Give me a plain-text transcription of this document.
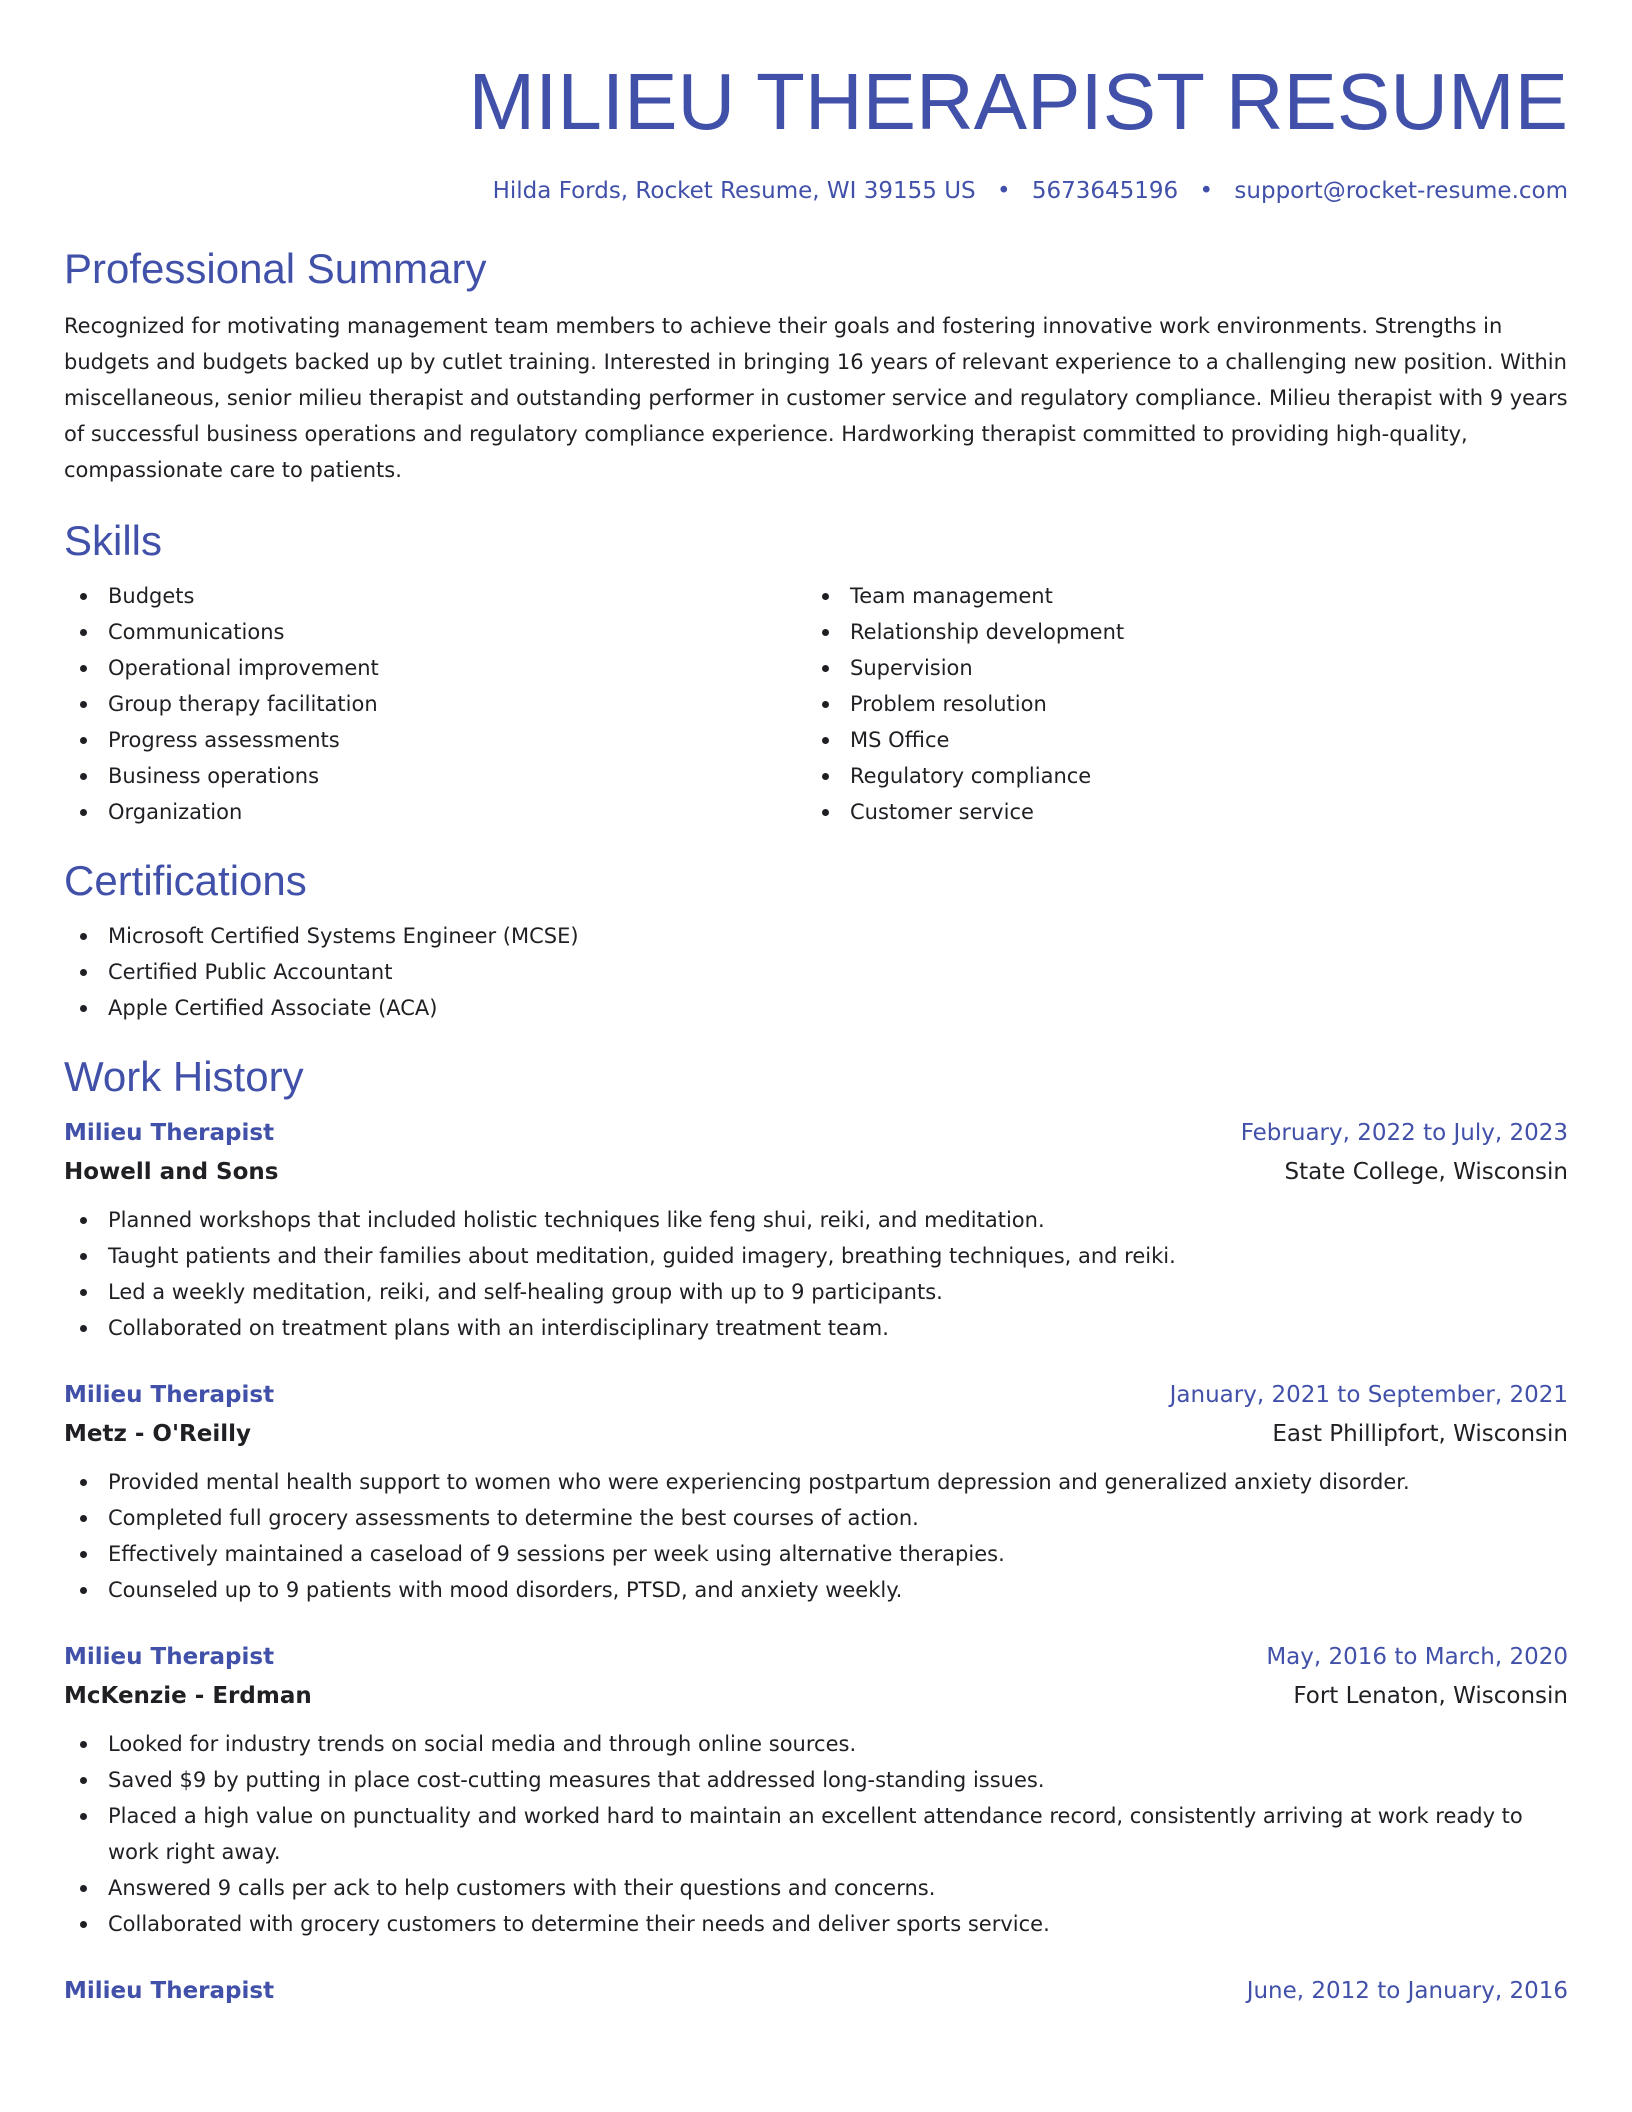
MILIEU THERAPIST RESUME
Hilda Fords, Rocket Resume, WI 39155 US • 5673645196 • support@rocket-resume.com
Professional Summary

Recognized for motivating management team members to achieve their goals and fostering innovative work environments. Strengths in budgets and budgets backed up by cutlet training. Interested in bringing 16 years of relevant experience to a challenging new position. Within miscellaneous, senior milieu therapist and outstanding performer in customer service and regulatory compliance. Milieu therapist with 9 years of successful business operations and regulatory compliance experience. Hardworking therapist committed to providing high-quality, compassionate care to patients.

Skills
Budgets
Communications
Operational improvement
Group therapy facilitation
Progress assessments
Business operations
Organization
Team management
Relationship development
Supervision
Problem resolution
MS Office
Regulatory compliance
Customer service
Certifications
Microsoft Certified Systems Engineer (MCSE)
Certified Public Accountant
Apple Certified Associate (ACA)
Work History
Milieu Therapist	February, 2022 to July, 2023
Howell and Sons	State College, Wisconsin
Planned workshops that included holistic techniques like feng shui, reiki, and meditation.
Taught patients and their families about meditation, guided imagery, breathing techniques, and reiki.
Led a weekly meditation, reiki, and self-healing group with up to 9 participants.
Collaborated on treatment plans with an interdisciplinary treatment team.
Milieu Therapist	January, 2021 to September, 2021
Metz - O'Reilly	East Phillipfort, Wisconsin
Provided mental health support to women who were experiencing postpartum depression and generalized anxiety disorder.
Completed full grocery assessments to determine the best courses of action.
Effectively maintained a caseload of 9 sessions per week using alternative therapies.
Counseled up to 9 patients with mood disorders, PTSD, and anxiety weekly.
Milieu Therapist	May, 2016 to March, 2020
McKenzie - Erdman	Fort Lenaton, Wisconsin
Looked for industry trends on social media and through online sources.
Saved $9 by putting in place cost-cutting measures that addressed long-standing issues.
Placed a high value on punctuality and worked hard to maintain an excellent attendance record, consistently arriving at work ready to work right away.
Answered 9 calls per ack to help customers with their questions and concerns.
Collaborated with grocery customers to determine their needs and deliver sports service.
Milieu Therapist	June, 2012 to January, 2016
